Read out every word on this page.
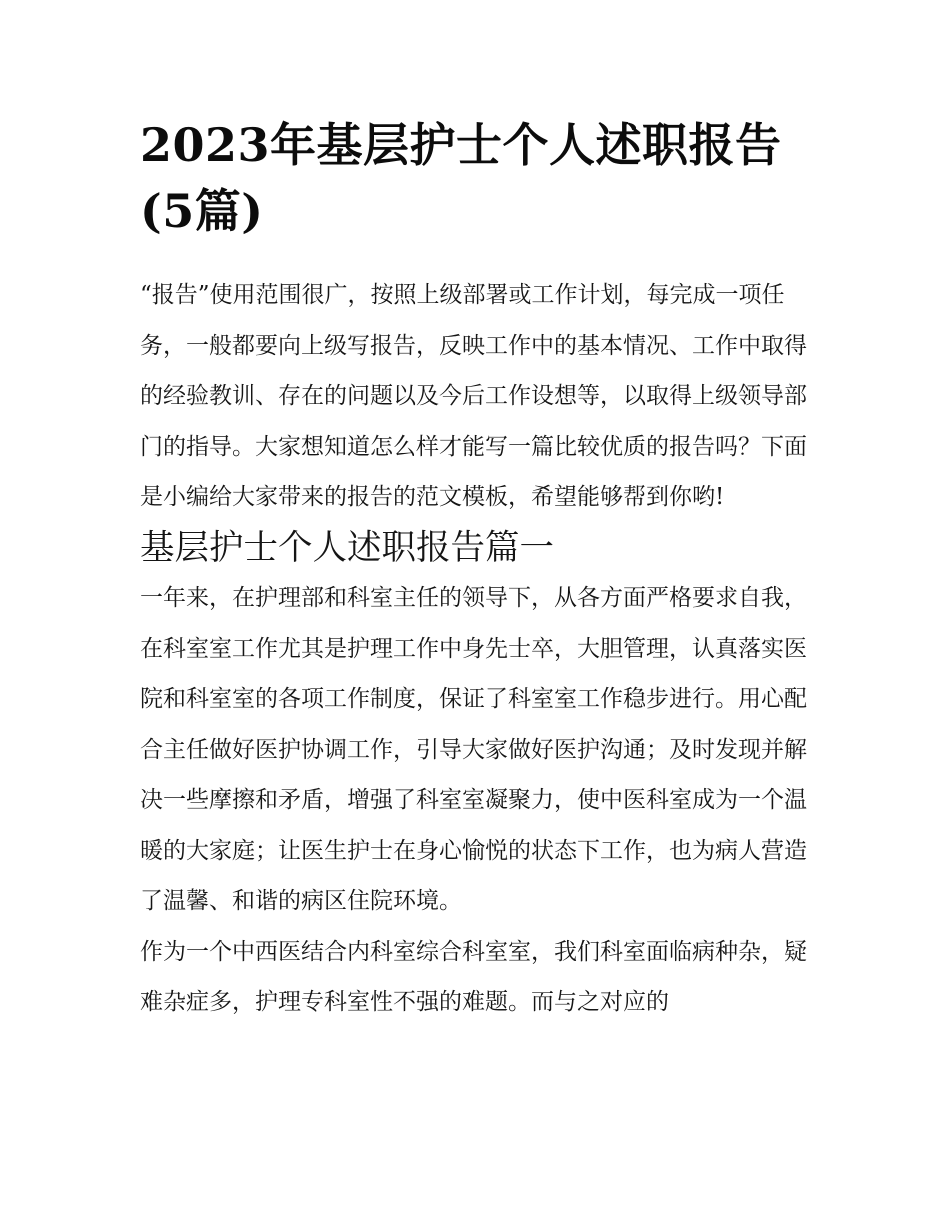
2023年基层护士个人述职报告(5篇)

“报告”使用范围很广，按照上级部署或工作计划，每完成一项任务，一般都要向上级写报告，反映工作中的基本情况、工作中取得的经验教训、存在的问题以及今后工作设想等，以取得上级领导部门的指导。大家想知道怎么样才能写一篇比较优质的报告吗？下面是小编给大家带来的报告的范文模板，希望能够帮到你哟!

基层护士个人述职报告篇一

一年来，在护理部和科室主任的领导下，从各方面严格要求自我，在科室室工作尤其是护理工作中身先士卒，大胆管理，认真落实医院和科室室的各项工作制度，保证了科室室工作稳步进行。用心配合主任做好医护协调工作，引导大家做好医护沟通；及时发现并解决一些摩擦和矛盾，增强了科室室凝聚力，使中医科室成为一个温暖的大家庭；让医生护士在身心愉悦的状态下工作，也为病人营造了温馨、和谐的病区住院环境。

作为一个中西医结合内科室综合科室室，我们科室面临病种杂，疑难杂症多，护理专科室性不强的难题。而与之对应的
